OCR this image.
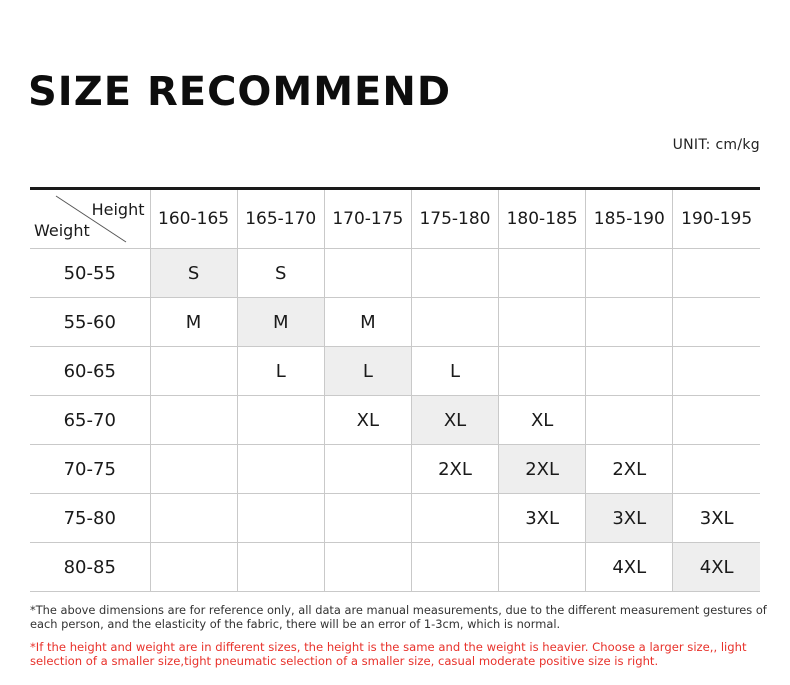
SIZE RECOMMEND
UNIT: cm/kg
Height
Weight	160-165	165-170	170-175	175-180	180-185	185-190	190-195
50-55	S	S					
55-60	M	M	M				
60-65		L	L	L			
65-70			XL	XL	XL		
70-75				2XL	2XL	2XL	
75-80					3XL	3XL	3XL
80-85						4XL	4XL

*The above dimensions are for reference only, all data are manual measurements, due to the different measurement gestures of each person, and the elasticity of the fabric, there will be an error of 1-3cm, which is normal.

*If the height and weight are in different sizes, the height is the same and the weight is heavier. Choose a larger size,, light selection of a smaller size,tight pneumatic selection of a smaller size, casual moderate positive size is right.
